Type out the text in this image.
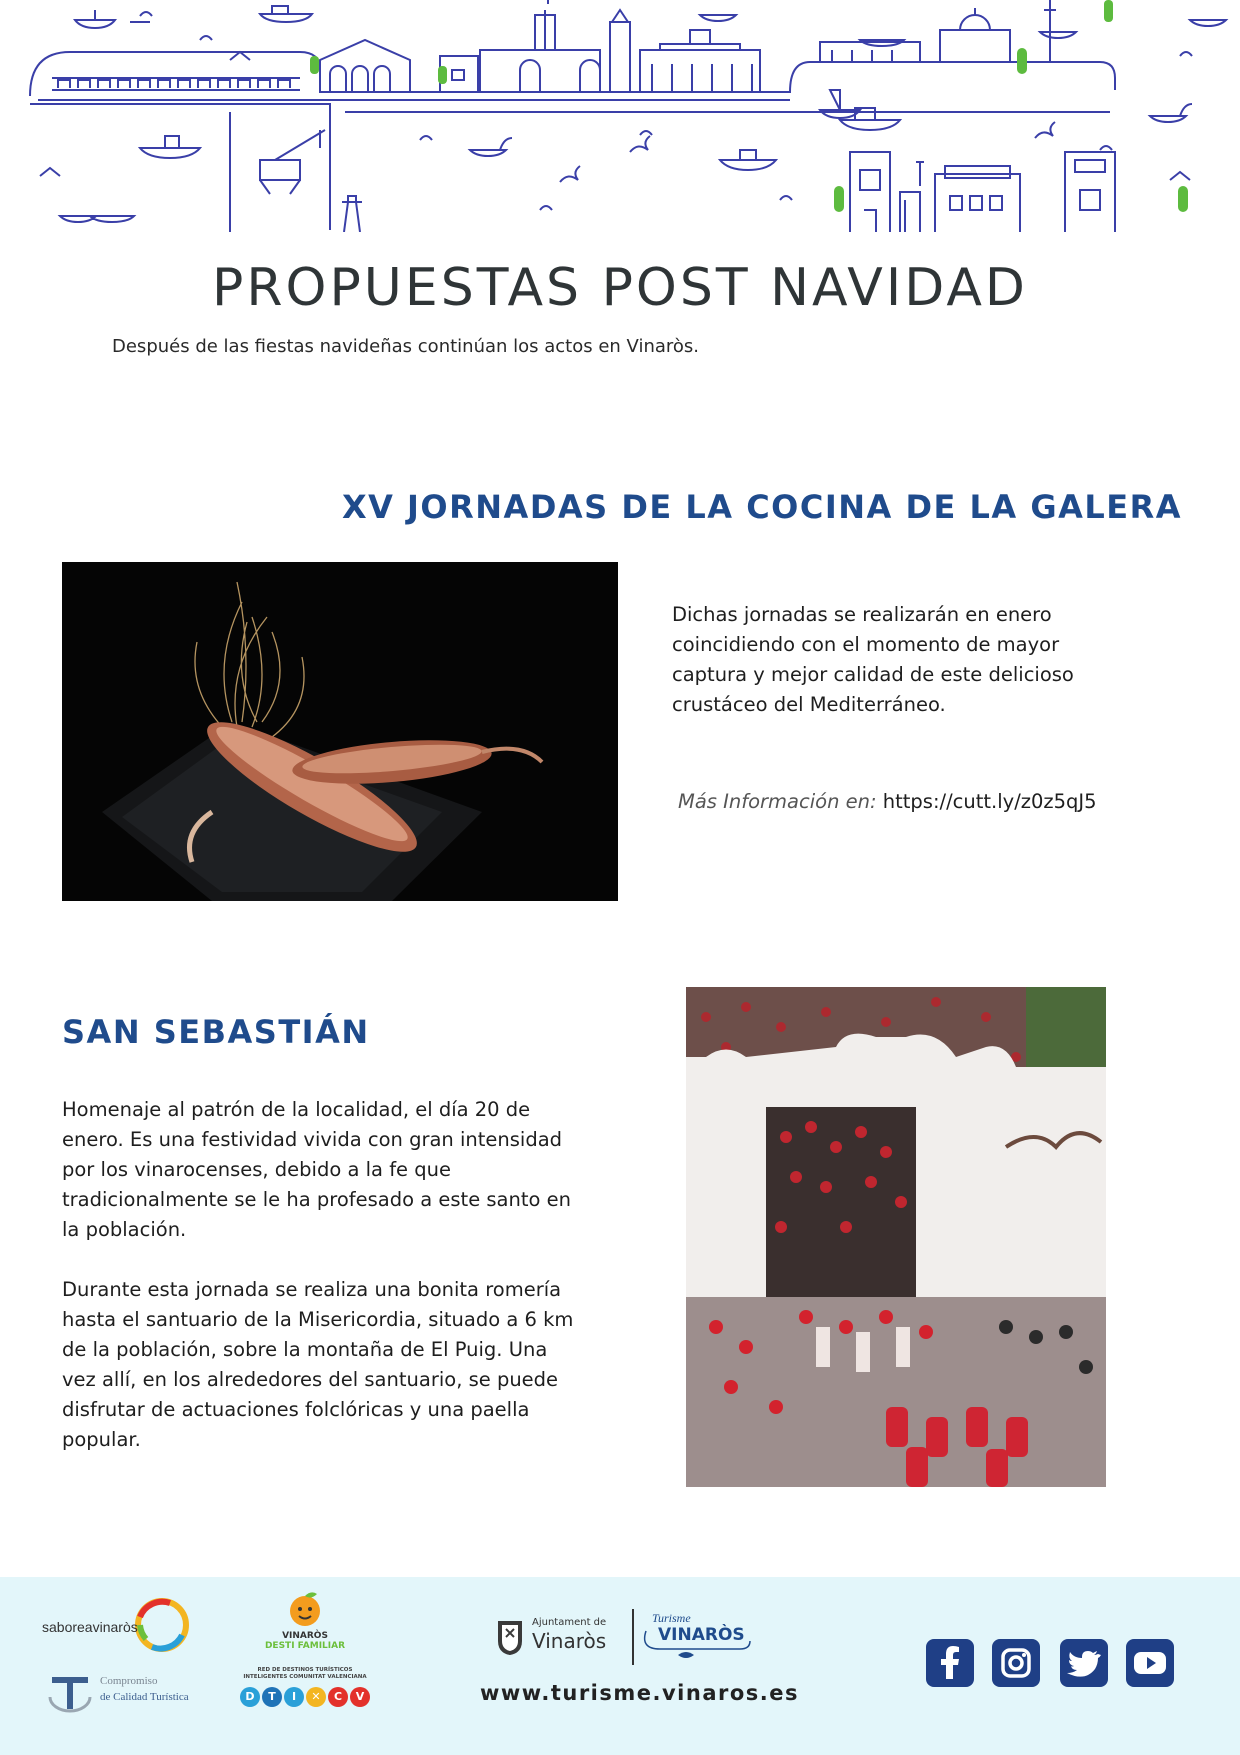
PROPUESTAS POST NAVIDAD

Después de las fiestas navideñas continúan los actos en Vinaròs.

XV JORNADAS DE LA COCINA DE LA GALERA
Dichas jornadas se realizarán en enero coincidiendo con el momento de mayor captura y mejor calidad de este delicioso crustáceo del Mediterráneo.
Más Información en: https://cutt.ly/z0z5qJ5
SAN SEBASTIÁN

Homenaje al patrón de la localidad, el día 20 de enero. Es una festividad vivida con gran intensidad por los vinarocenses, debido a la fe que tradicionalmente se le ha profesado a este santo en la población.

Durante esta jornada se realiza una bonita romería hasta el santuario de la Misericordia, situado a 6 km de la población, sobre la montaña de El Puig. Una vez allí, en los alrededores del santuario, se puede disfrutar de actuaciones folclóricas y una paella popular.

saboreavinaròs
Compromiso
de Calidad Turística
VINARÒS
DESTI FAMILIAR
RED DE DESTINOS TURÍSTICOS INTELIGENTES COMUNITAT VALENCIANA
D	T	I	✕	C	V
Ajuntament de
Vinaròs
Turisme
VINARÒS
www.turisme.vinaros.es
